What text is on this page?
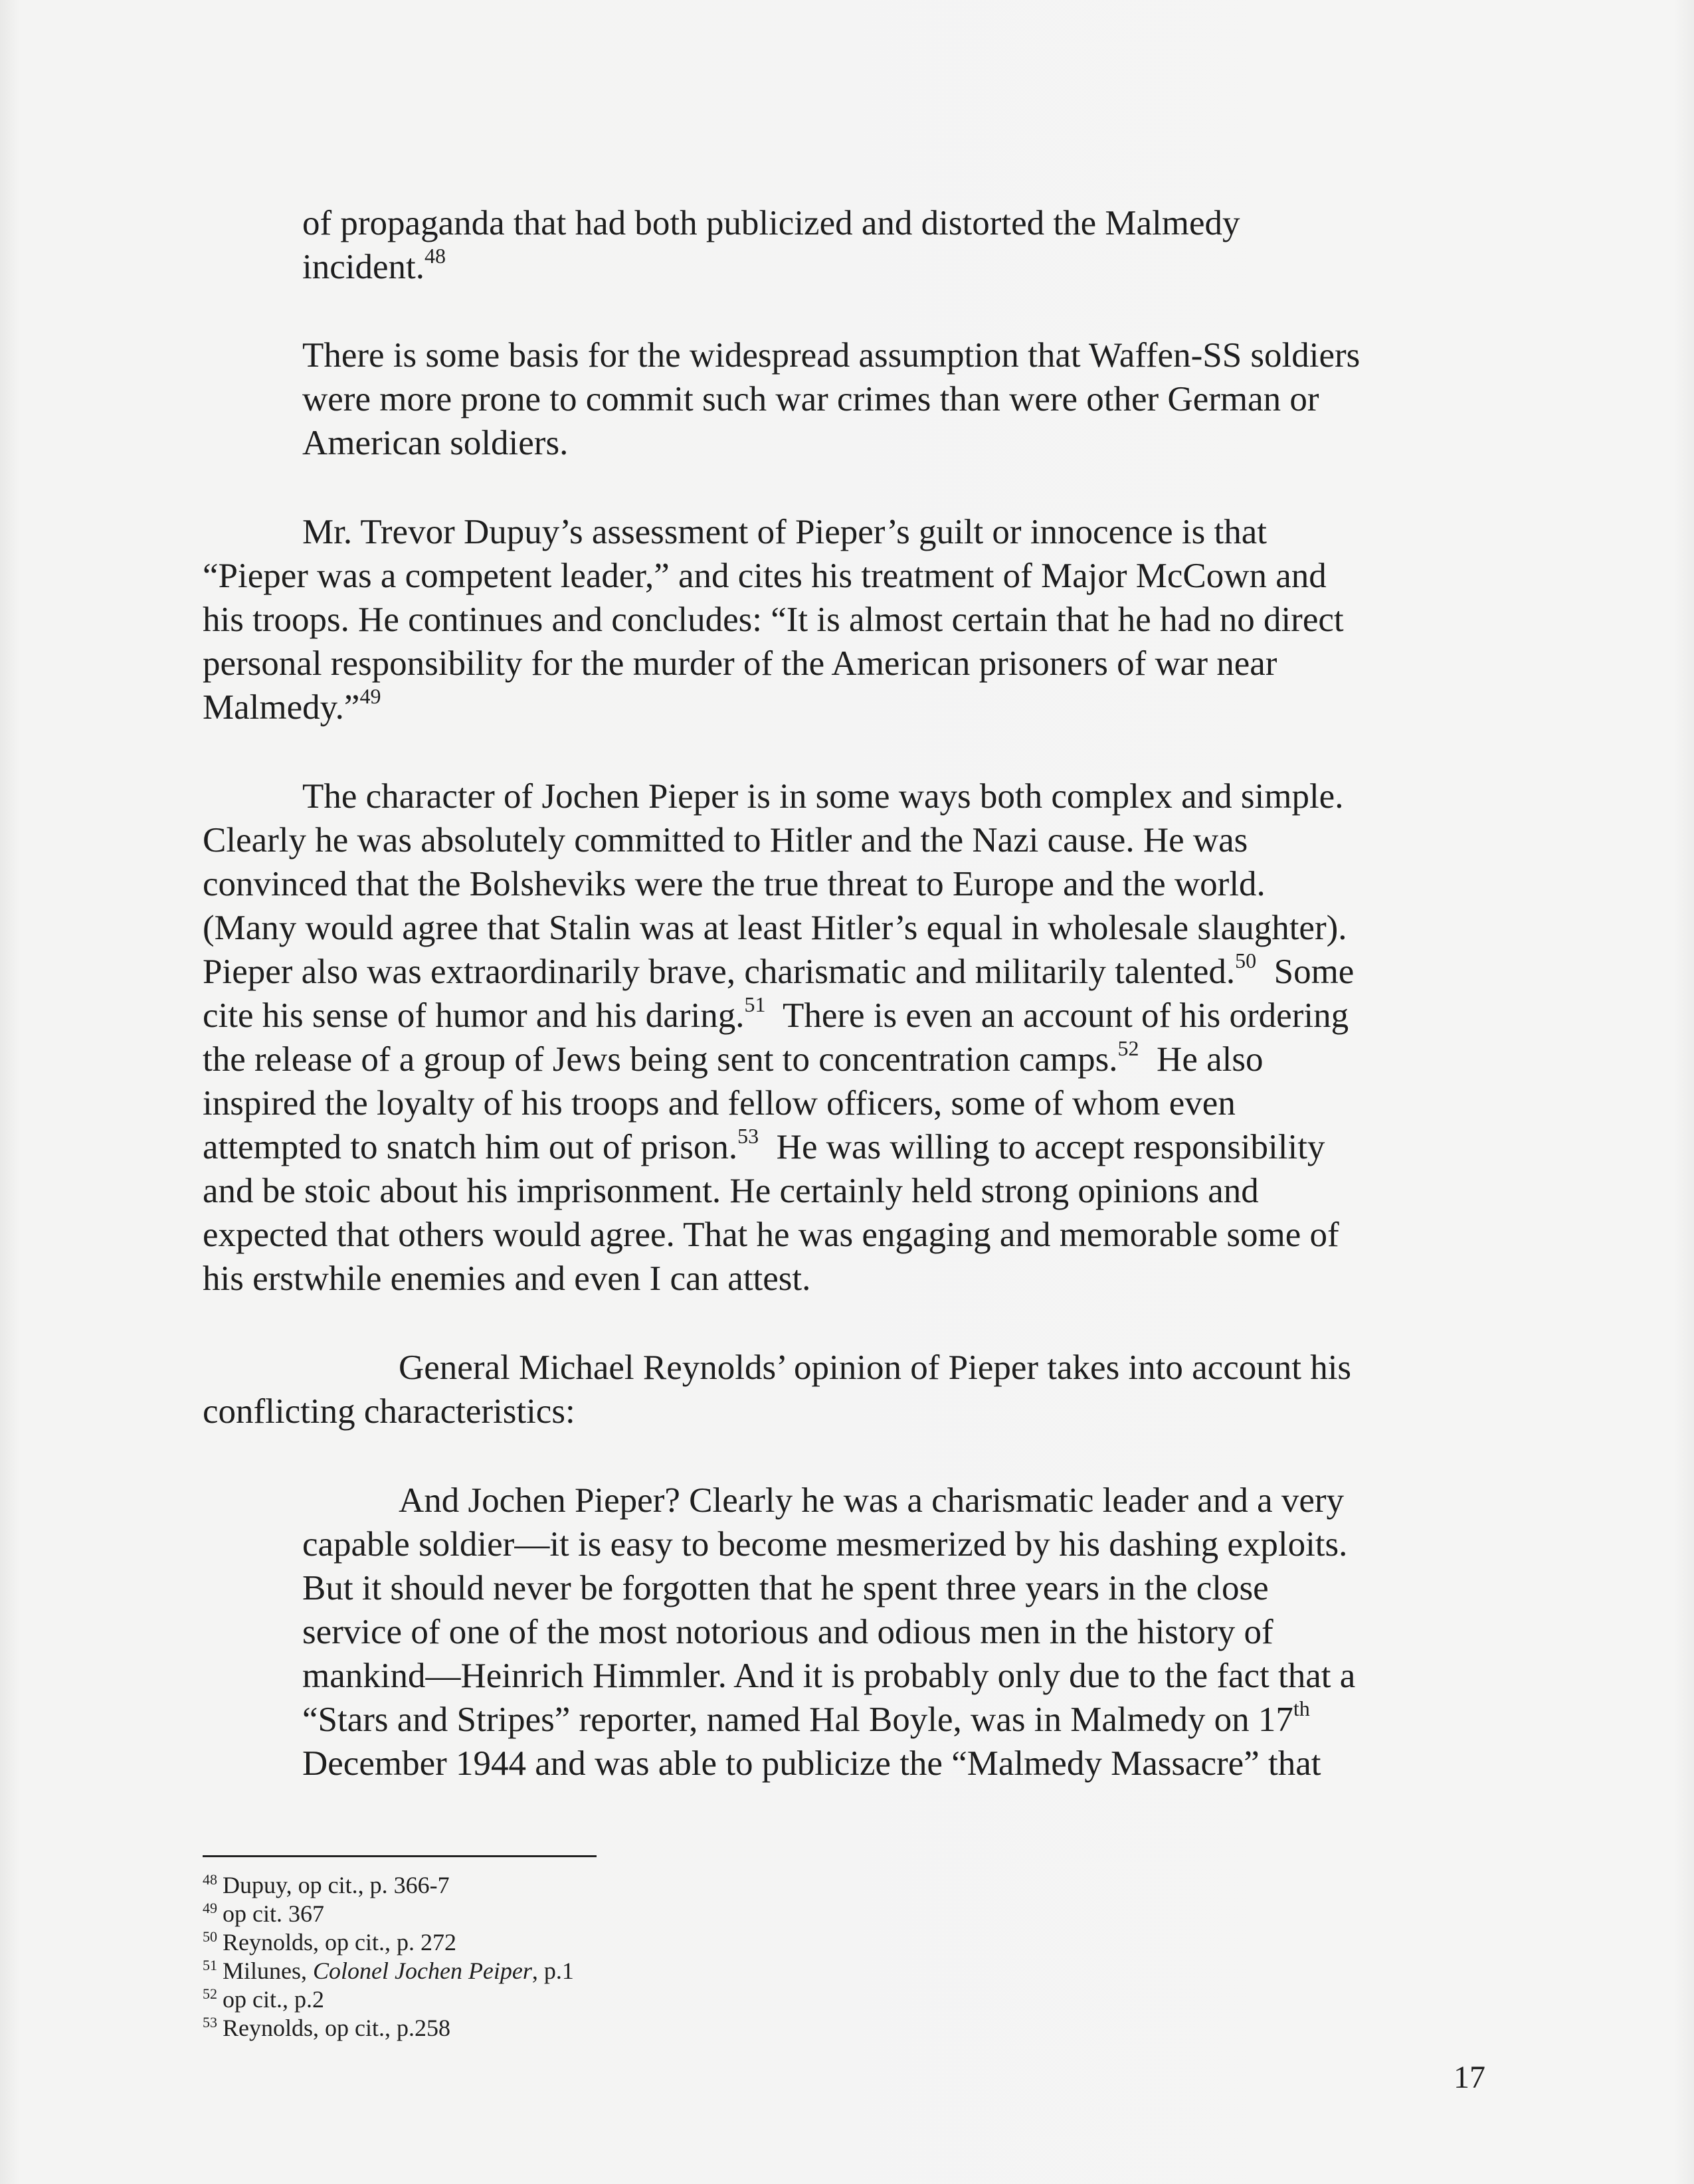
of propaganda that had both publicized and distorted the Malmedy
incident.$^{48}$
There is some basis for the widespread assumption that Waffen-SS soldiers
were more prone to commit such war crimes than were other German or
American soldiers.
Mr. Trevor Dupuy’s assessment of Pieper’s guilt or innocence is that
“Pieper was a competent leader,” and cites his treatment of Major McCown and
his troops. He continues and concludes: “It is almost certain that he had no direct
personal responsibility for the murder of the American prisoners of war near
Malmedy.”$^{49}$
The character of Jochen Pieper is in some ways both complex and simple.
Clearly he was absolutely committed to Hitler and the Nazi cause. He was
convinced that the Bolsheviks were the true threat to Europe and the world.
(Many would agree that Stalin was at least Hitler’s equal in wholesale slaughter).
Pieper also was extraordinarily brave, charismatic and militarily talented.$^{50}$  Some
cite his sense of humor and his daring.$^{51}$  There is even an account of his ordering
the release of a group of Jews being sent to concentration camps.$^{52}$  He also
inspired the loyalty of his troops and fellow officers, some of whom even
attempted to snatch him out of prison.$^{53}$  He was willing to accept responsibility
and be stoic about his imprisonment. He certainly held strong opinions and
expected that others would agree. That he was engaging and memorable some of
his erstwhile enemies and even I can attest.
General Michael Reynolds’ opinion of Pieper takes into account his
conflicting characteristics:
And Jochen Pieper? Clearly he was a charismatic leader and a very
capable soldier—it is easy to become mesmerized by his dashing exploits.
But it should never be forgotten that he spent three years in the close
service of one of the most notorious and odious men in the history of
mankind—Heinrich Himmler. And it is probably only due to the fact that a
“Stars and Stripes” reporter, named Hal Boyle, was in Malmedy on 17th
December 1944 and was able to publicize the “Malmedy Massacre” that
$^{48}$ Dupuy, op cit., p. 366-7
$^{49}$ op cit. 367
$^{50}$ Reynolds, op cit., p. 272
$^{51}$ Milunes, Colonel Jochen Peiper, p.1
$^{52}$ op cit., p.2
$^{53}$ Reynolds, op cit., p.258
17
